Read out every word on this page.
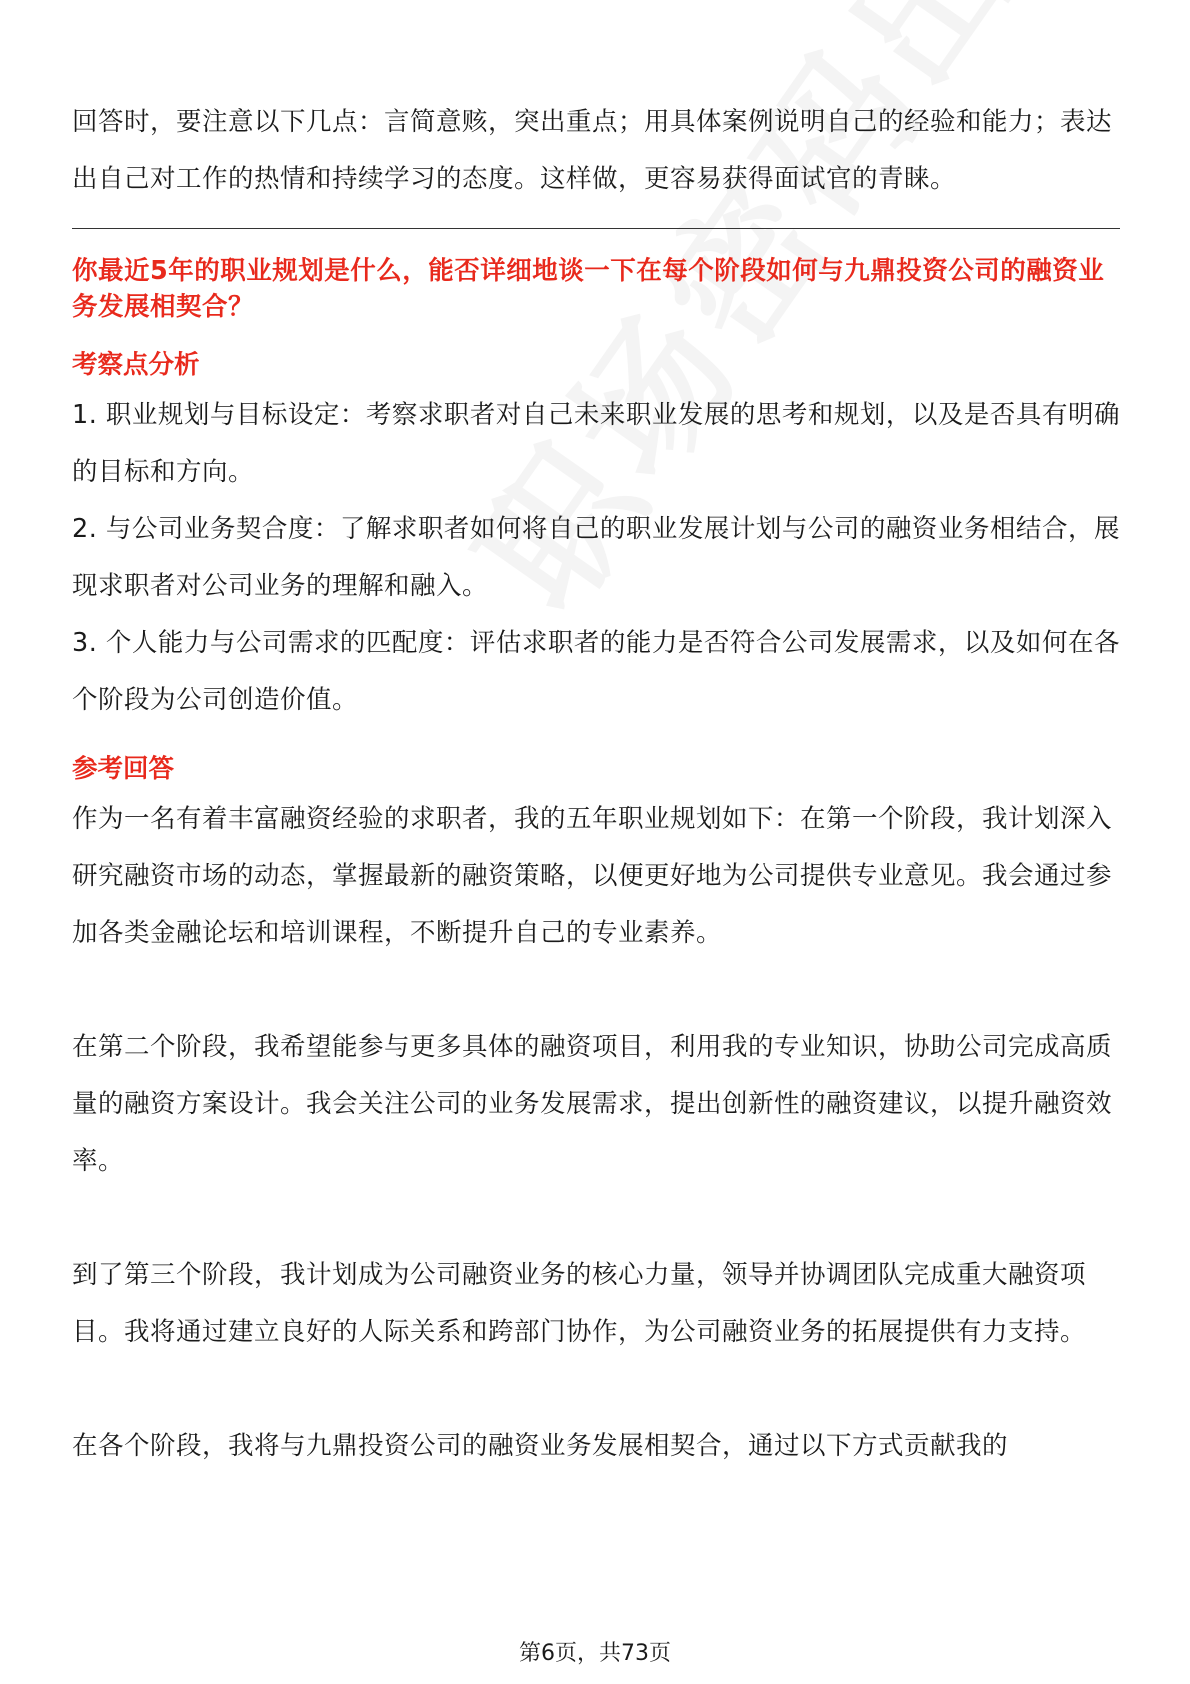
回答时，要注意以下几点：言简意赅，突出重点；用具体案例说明自己的经验和能力；表达出自己对工作的热情和持续学习的态度。这样做，更容易获得面试官的青睐。

你最近5年的职业规划是什么，能否详细地谈一下在每个阶段如何与九鼎投资公司的融资业务发展相契合？

考察点分析

1. 职业规划与目标设定：考察求职者对自己未来职业发展的思考和规划，以及是否具有明确的目标和方向。

2. 与公司业务契合度：了解求职者如何将自己的职业发展计划与公司的融资业务相结合，展现求职者对公司业务的理解和融入。

3. 个人能力与公司需求的匹配度：评估求职者的能力是否符合公司发展需求，以及如何在各个阶段为公司创造价值。

参考回答

作为一名有着丰富融资经验的求职者，我的五年职业规划如下：在第一个阶段，我计划深入研究融资市场的动态，掌握最新的融资策略，以便更好地为公司提供专业意见。我会通过参加各类金融论坛和培训课程，不断提升自己的专业素养。

在第二个阶段，我希望能参与更多具体的融资项目，利用我的专业知识，协助公司完成高质量的融资方案设计。我会关注公司的业务发展需求，提出创新性的融资建议，以提升融资效率。

到了第三个阶段，我计划成为公司融资业务的核心力量，领导并协调团队完成重大融资项目。我将通过建立良好的人际关系和跨部门协作，为公司融资业务的拓展提供有力支持。

在各个阶段，我将与九鼎投资公司的融资业务发展相契合，通过以下方式贡献我的

第6页，共73页
